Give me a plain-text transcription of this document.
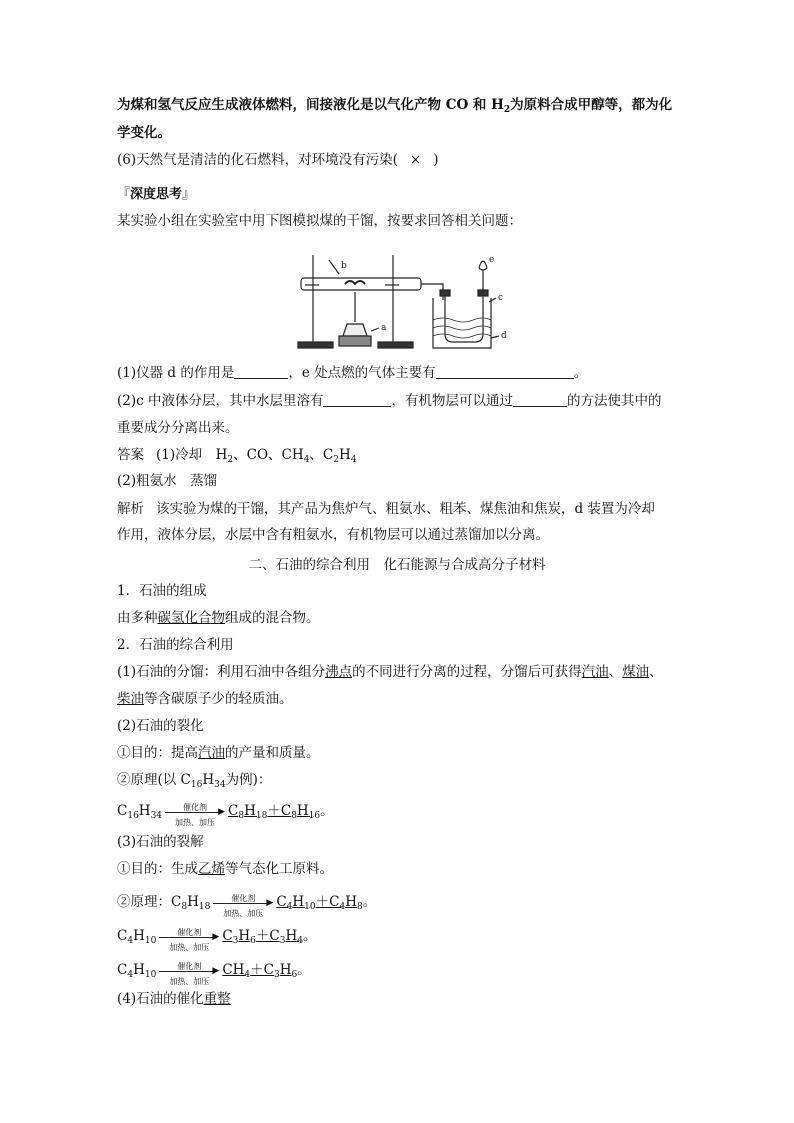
为煤和氢气反应生成液体燃料，间接液化是以气化产物 CO 和 $H_2$为原料合成甲醇等，都为化
学变化。
(6)天然气是清洁的化石燃料，对环境没有污染( × )
『深度思考』
某实验小组在实验室中用下图模拟煤的干馏，按要求回答相关问题：
b
a
e
c
d
(1)仪器 d 的作用是	，e 处点燃的气体主要有	。
(2)c 中液体分层，其中水层里溶有	，有机物层可以通过	的方法使其中的
重要成分分离出来。
答案 (1)冷却　$H_2$、CO、$CH_4$、$C_2H_4$
(2)粗氨水　蒸馏
解析 该实验为煤的干馏，其产品为焦炉气、粗氨水、粗苯、煤焦油和焦炭，d 装置为冷却
作用，液体分层，水层中含有粗氨水，有机物层可以通过蒸馏加以分离。
二、石油的综合利用　化石能源与合成高分子材料
1．石油的组成
由多种碳氢化合物组成的混合物。
2．石油的综合利用
(1)石油的分馏：利用石油中各组分沸点的不同进行分离的过程，分馏后可获得汽油、煤油、
柴油等含碳原子少的轻质油。
(2)石油的裂化
①目的：提高汽油的产量和质量。
②原理(以 $C_{16}H_{34}$为例)：
$C_{16}H_{34}$
催化剂	▶
加热、加压
$C_8H_{18}+C_8H_{16}$。
(3)石油的裂解
①目的：生成乙烯等气态化工原料。
②原理：$C_8H_{18}$
催化剂	▶
加热、加压
$C_4H_{10}+C_4H_8$。
$C_4H_{10}$
催化剂	▶
加热、加压
$C_3H_6+C_3H_4$。
$C_4H_{10}$
催化剂	▶
加热、加压
$CH_4+C_3H_6$。
(4)石油的催化重整
